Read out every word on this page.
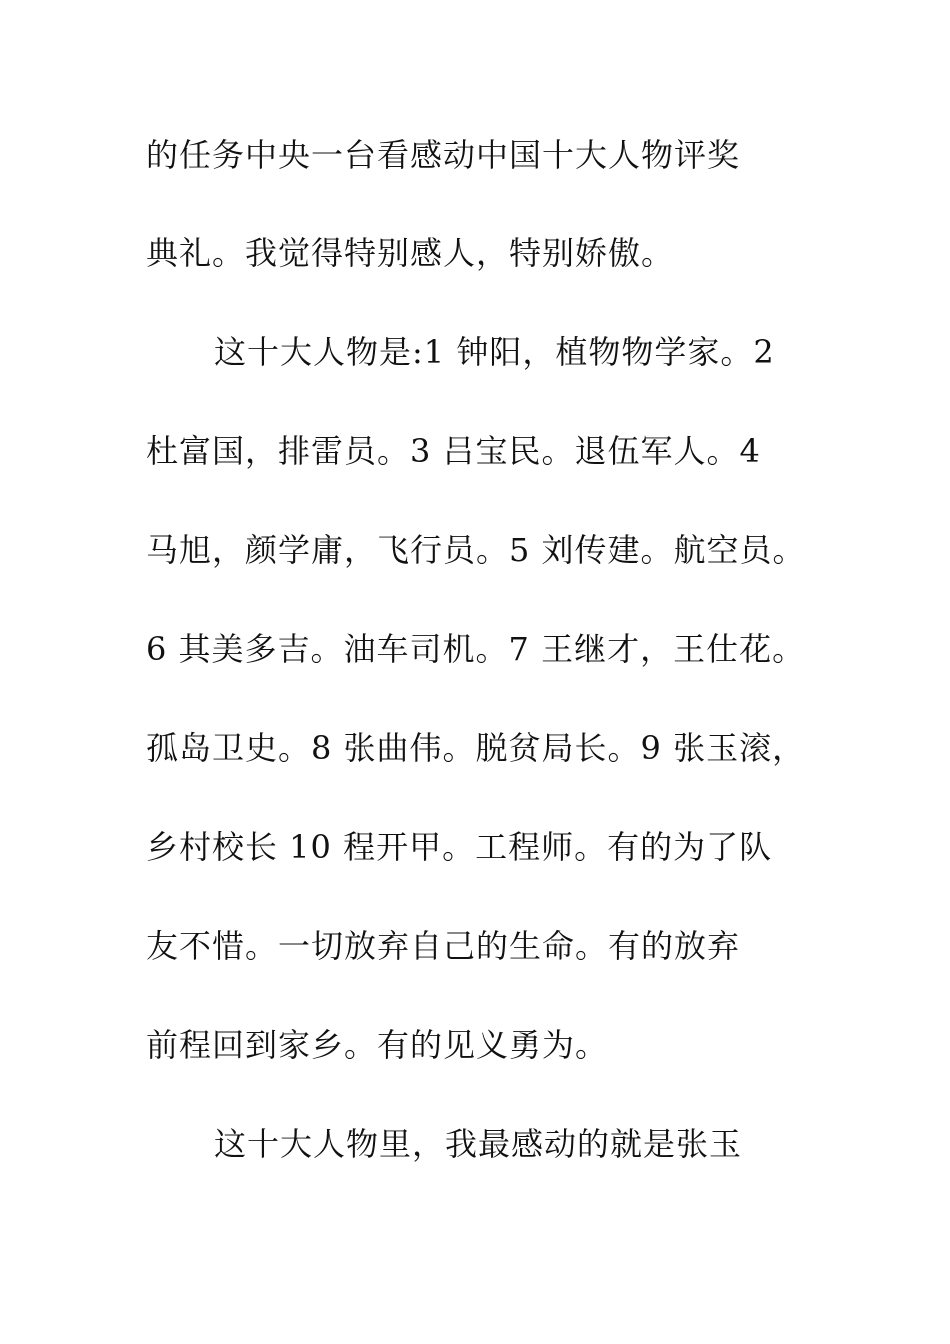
的任务中央一台看感动中国十大人物评奖
典礼。我觉得特别感人，特别娇傲。
这十大人物是:1 钟阳，植物物学家。2
杜富国，排雷员。3 吕宝民。退伍军人。4
马旭，颜学庸，飞行员。5 刘传建。航空员。
6 其美多吉。油车司机。7 王继才，王仕花。
孤岛卫史。8 张曲伟。脱贫局长。9 张玉滚，
乡村校长 10 程开甲。工程师。有的为了队
友不惜。一切放弃自己的生命。有的放弃
前程回到家乡。有的见义勇为。
这十大人物里，我最感动的就是张玉
